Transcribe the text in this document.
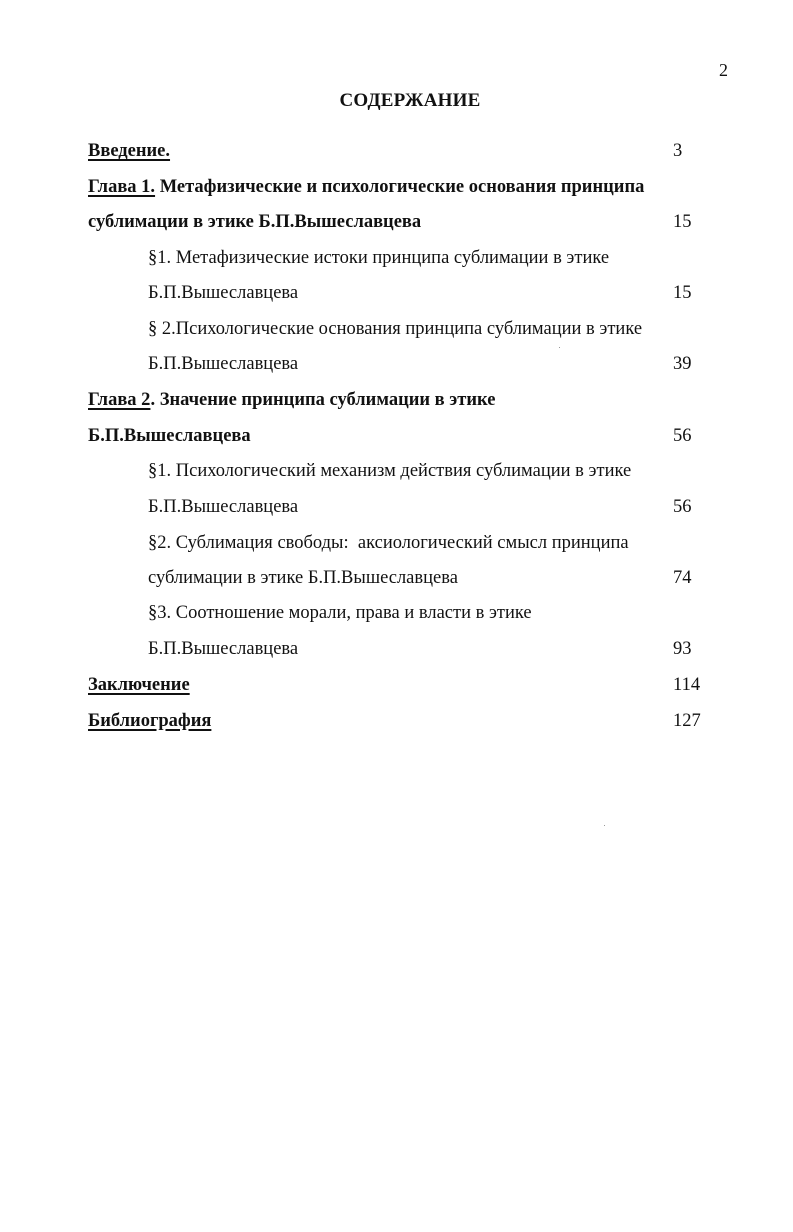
2
СОДЕРЖАНИЕ
Введение.	3
Глава 1. Метафизические и психологические основания принципа
сублимации в этике Б.П.Вышеславцева	15
§1. Метафизические истоки принципа сублимации в этике
Б.П.Вышеславцева	15
§ 2.Психологические основания принципа сублимации в этике
Б.П.Вышеславцева	39
Глава 2. Значение принципа сублимации в этике
Б.П.Вышеславцева	56
§1. Психологический механизм действия сублимации в этике
Б.П.Вышеславцева	56
§2. Сублимация свободы:  аксиологический смысл принципа
сублимации в этике Б.П.Вышеславцева	74
§3. Соотношение морали, права и власти в этике
Б.П.Вышеславцева	93
Заключение	114
Библиография	127
